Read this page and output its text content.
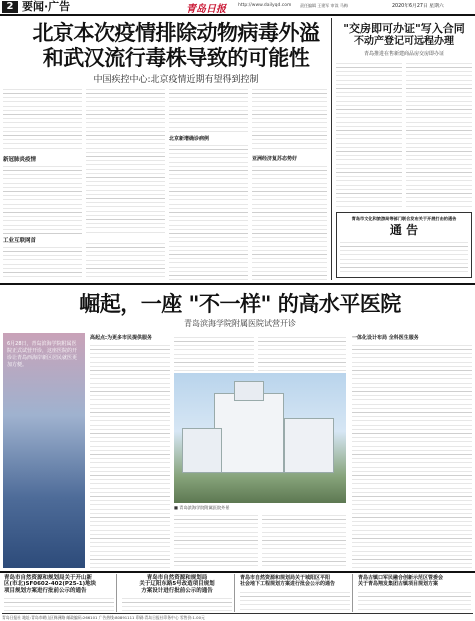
2 要闻·广告	青岛日报	http://www.dailyqd.com 责任编辑 王建军 审读 马梅	2020年6月27日 星期六
北京本次疫情排除动物病毒外溢
和武汉流行毒株导致的可能性
中国疾控中心:北京疫情近期有望得到控制
新冠肺炎疫情
工业互联网首
北京新增确诊病例
亚洲经济复苏态势好
"交房即可办证"写入合同
不动产登记可远程办理
青岛推进在售新建商品房交房即办证
青岛市文化和旅游局等部门联合发布关于开展打击的通告
通 告
崛起，一座 "不一样" 的高水平医院
青岛滨海学院附属医院试营开诊
6月28日，青岛滨海学院附属医院正式试营开诊，这座医院的开诊让青岛西海岸新区居民就医更加方便。
高起点:为更多市民提供服务
■ 青岛滨海学院附属医院外景
一体化设计布局 全科医生服务
青岛市自然资源和规划局关于开山新
区(市北)SF0602-402(P25-1)地块
项目规划方案进行批前公示的通告
青岛市自然资源和规划局
关于辽阳东路5号改造项目规划
方案设计进行批前公示的通告
青岛市自然资源和规划局关于城阳区平阳
社会地下工程规划方案进行批会公示的通告
青岛古镇口军民融合创新示范区管委会
关于青岛翔发集团古镇项目规划方案
青岛日报社 地址:青岛市崂山区株洲路 邮政编码:266101 广告热线:80891111 印刷:青岛日报社印务中心 零售价:1.00元
